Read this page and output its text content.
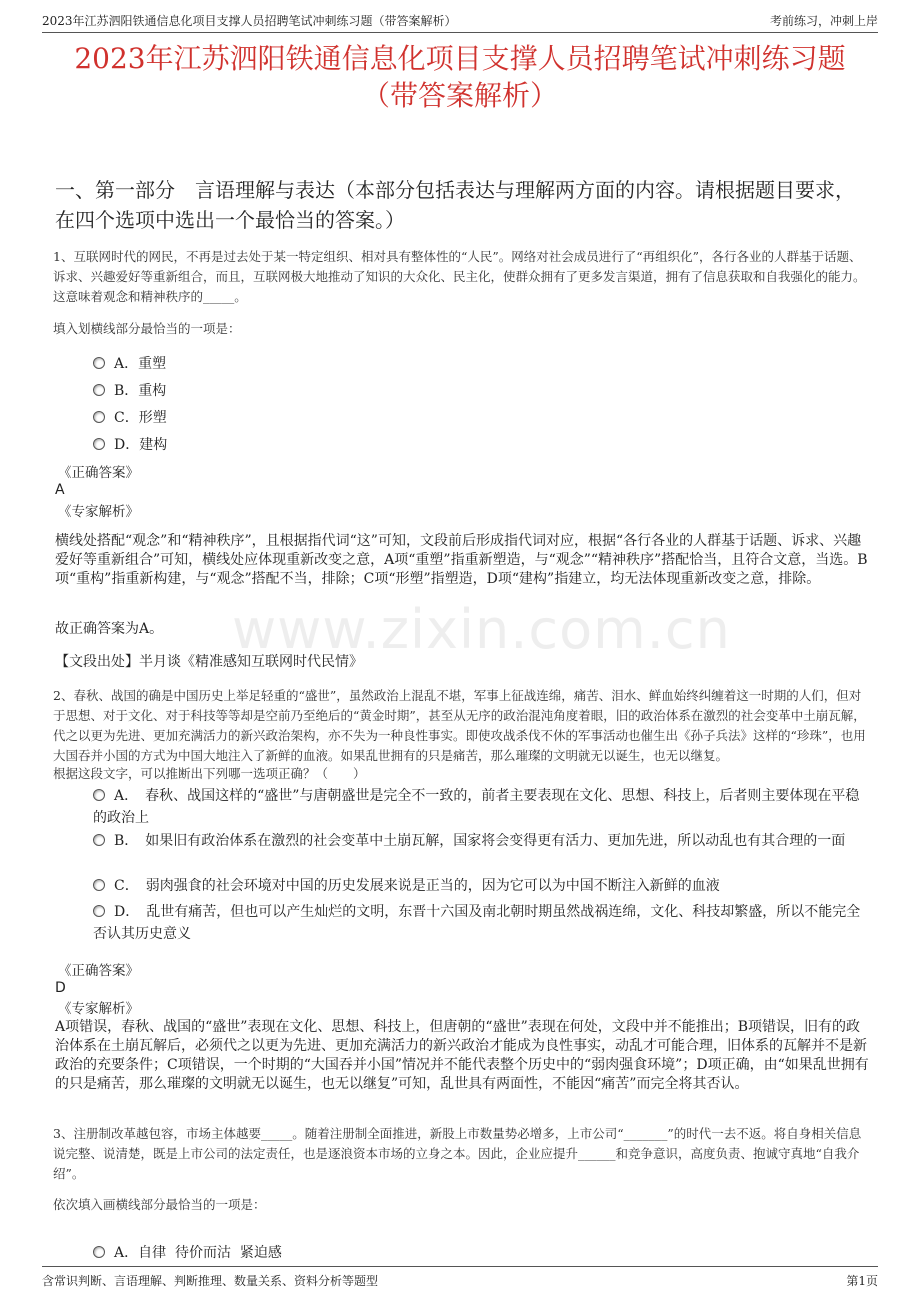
2023年江苏泗阳铁通信息化项目支撑人员招聘笔试冲刺练习题（带答案解析）	考前练习，冲刺上岸
2023年江苏泗阳铁通信息化项目支撑人员招聘笔试冲刺练习题
（带答案解析）
一、第一部分　言语理解与表达（本部分包括表达与理解两方面的内容。请根据题目要求，在四个选项中选出一个最恰当的答案。）
www.zixin.com.cn
1、互联网时代的网民，不再是过去处于某一特定组织、相对具有整体性的“人民”。网络对社会成员进行了“再组织化”，各行各业的人群基于话题、诉求、兴趣爱好等重新组合，而且，互联网极大地推动了知识的大众化、民主化，使群众拥有了更多发言渠道，拥有了信息获取和自我强化的能力。这意味着观念和精神秩序的_____。
填入划横线部分最恰当的一项是：
A．重塑
B．重构
C．形塑
D．建构
《正确答案》
A
《专家解析》
横线处搭配“观念”和“精神秩序”，且根据指代词“这”可知，文段前后形成指代词对应，根据“各行各业的人群基于话题、诉求、兴趣爱好等重新组合”可知，横线处应体现重新改变之意，A项“重塑”指重新塑造，与“观念”“精神秩序”搭配恰当，且符合文意，当选。B项“重构”指重新构建，与“观念”搭配不当，排除；C项“形塑”指塑造，D项“建构”指建立，均无法体现重新改变之意，排除。
故正确答案为A。
【文段出处】半月谈《精准感知互联网时代民情》
2、春秋、战国的确是中国历史上举足轻重的“盛世”，虽然政治上混乱不堪，军事上征战连绵，痛苦、泪水、鲜血始终纠缠着这一时期的人们，但对于思想、对于文化、对于科技等等却是空前乃至绝后的“黄金时期”，甚至从无序的政治混沌角度着眼，旧的政治体系在激烈的社会变革中土崩瓦解，代之以更为先进、更加充满活力的新兴政治架构，亦不失为一种良性事实。即使攻战杀伐不休的军事活动也催生出《孙子兵法》这样的“珍珠”，也用大国吞并小国的方式为中国大地注入了新鲜的血液。如果乱世拥有的只是痛苦，那么璀璨的文明就无以诞生，也无以继复。
根据这段文字，可以推断出下列哪一选项正确？（　　）
A．　春秋、战国这样的“盛世”与唐朝盛世是完全不一致的，前者主要表现在文化、思想、科技上，后者则主要体现在平稳的政治上
B．　如果旧有政治体系在激烈的社会变革中土崩瓦解，国家将会变得更有活力、更加先进，所以动乱也有其合理的一面
C．　弱肉强食的社会环境对中国的历史发展来说是正当的，因为它可以为中国不断注入新鲜的血液
D．　乱世有痛苦，但也可以产生灿烂的文明，东晋十六国及南北朝时期虽然战祸连绵，文化、科技却繁盛，所以不能完全否认其历史意义
《正确答案》
D
《专家解析》
A项错误，春秋、战国的“盛世”表现在文化、思想、科技上，但唐朝的“盛世”表现在何处，文段中并不能推出；B项错误，旧有的政治体系在土崩瓦解后，必须代之以更为先进、更加充满活力的新兴政治才能成为良性事实，动乱才可能合理，旧体系的瓦解并不是新政治的充要条件；C项错误，一个时期的“大国吞并小国”情况并不能代表整个历史中的“弱肉强食环境”；D项正确，由“如果乱世拥有的只是痛苦，那么璀璨的文明就无以诞生，也无以继复”可知，乱世具有两面性，不能因“痛苦”而完全将其否认。
3、注册制改革越包容，市场主体越要_____。随着注册制全面推进，新股上市数量势必增多，上市公司“_______”的时代一去不返。将自身相关信息说完整、说清楚，既是上市公司的法定责任，也是逐浪资本市场的立身之本。因此，企业应提升______和竞争意识，高度负责、抱诚守真地“自我介绍”。
依次填入画横线部分最恰当的一项是：
A．自律  待价而沽  紧迫感
含常识判断、言语理解、判断推理、数量关系、资料分析等题型	第1页
